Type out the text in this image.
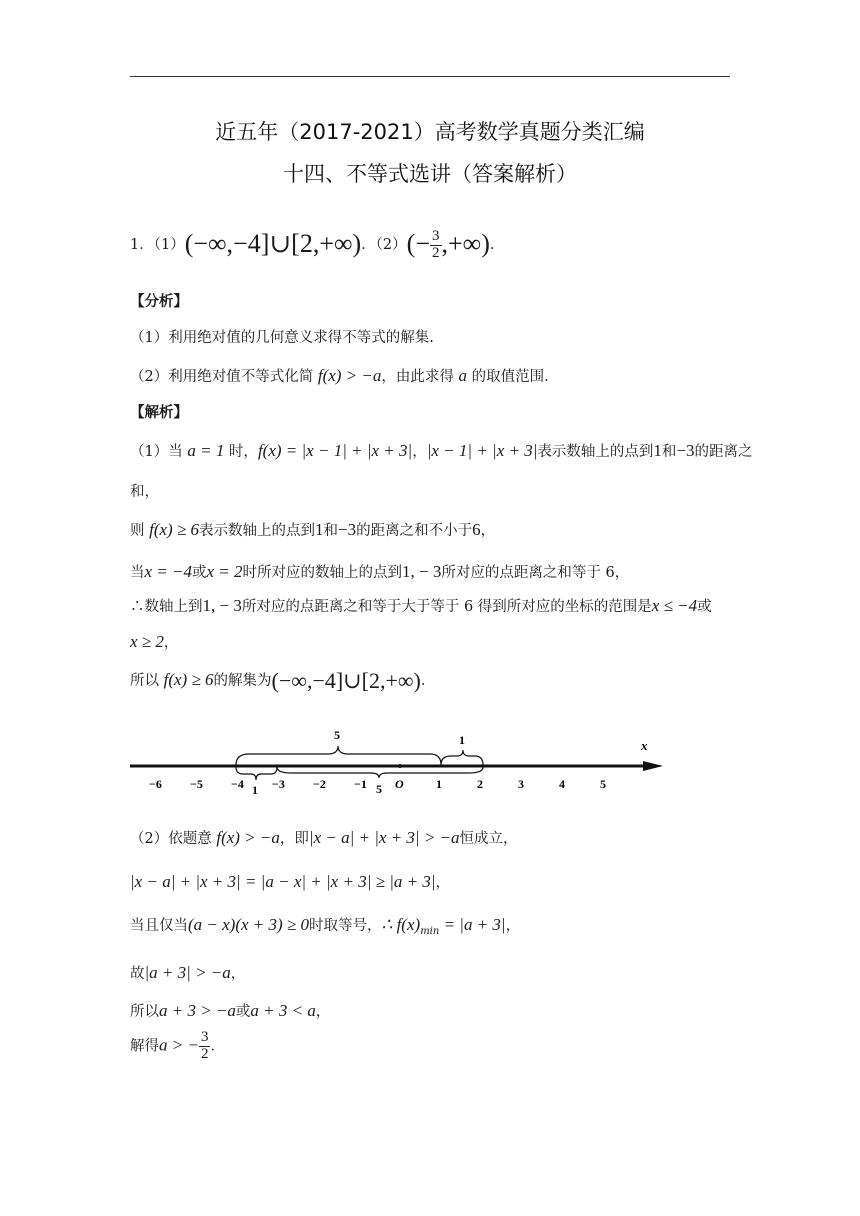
近五年（2017-2021）高考数学真题分类汇编
十四、不等式选讲（答案解析）
1．（1）(−∞,−4]∪[2,+∞)．$(2)(- \frac{3}{2}$ ,+∞)．
【分析】
（1）利用绝对值的几何意义求得不等式的解集.
（2）利用绝对值不等式化简 f(x) > −a，由此求得 a 的取值范围.
【解析】
（1）当 a = 1 时，f(x) = |x − 1| + |x + 3|，|x − 1| + |x + 3|表示数轴上的点到1和−3的距离之
和，
则 f(x) ≥ 6表示数轴上的点到1和−3的距离之和不小于6，
当x = −4或x = 2时所对应的数轴上的点到1, − 3所对应的点距离之和等于 6，
∴数轴上到1, − 3所对应的点距离之和等于大于等于 6 得到所对应的坐标的范围是x ≤ −4或
x ≥ 2，
所以 f(x) ≥ 6的解集为(−∞,−4]∪[2,+∞)．
x
−6 −5 −4 −3 −2 −1 O	1	2	3	4	5
5	1
1	5
（2）依题意 f(x) > −a，即|x − a| + |x + 3| > −a恒成立，
|x − a| + |x + 3| = |a − x| + |x + 3| ≥ |a + 3|，
当且仅当(a − x)(x + 3) ≥ 0时取等号，∴ $f(x)_{min} = |a + 3|$，
故|a + 3| > −a，
所以a + 3 > −a或a + 3 < a，
解得a > − $\frac{3}{2}$ ．
